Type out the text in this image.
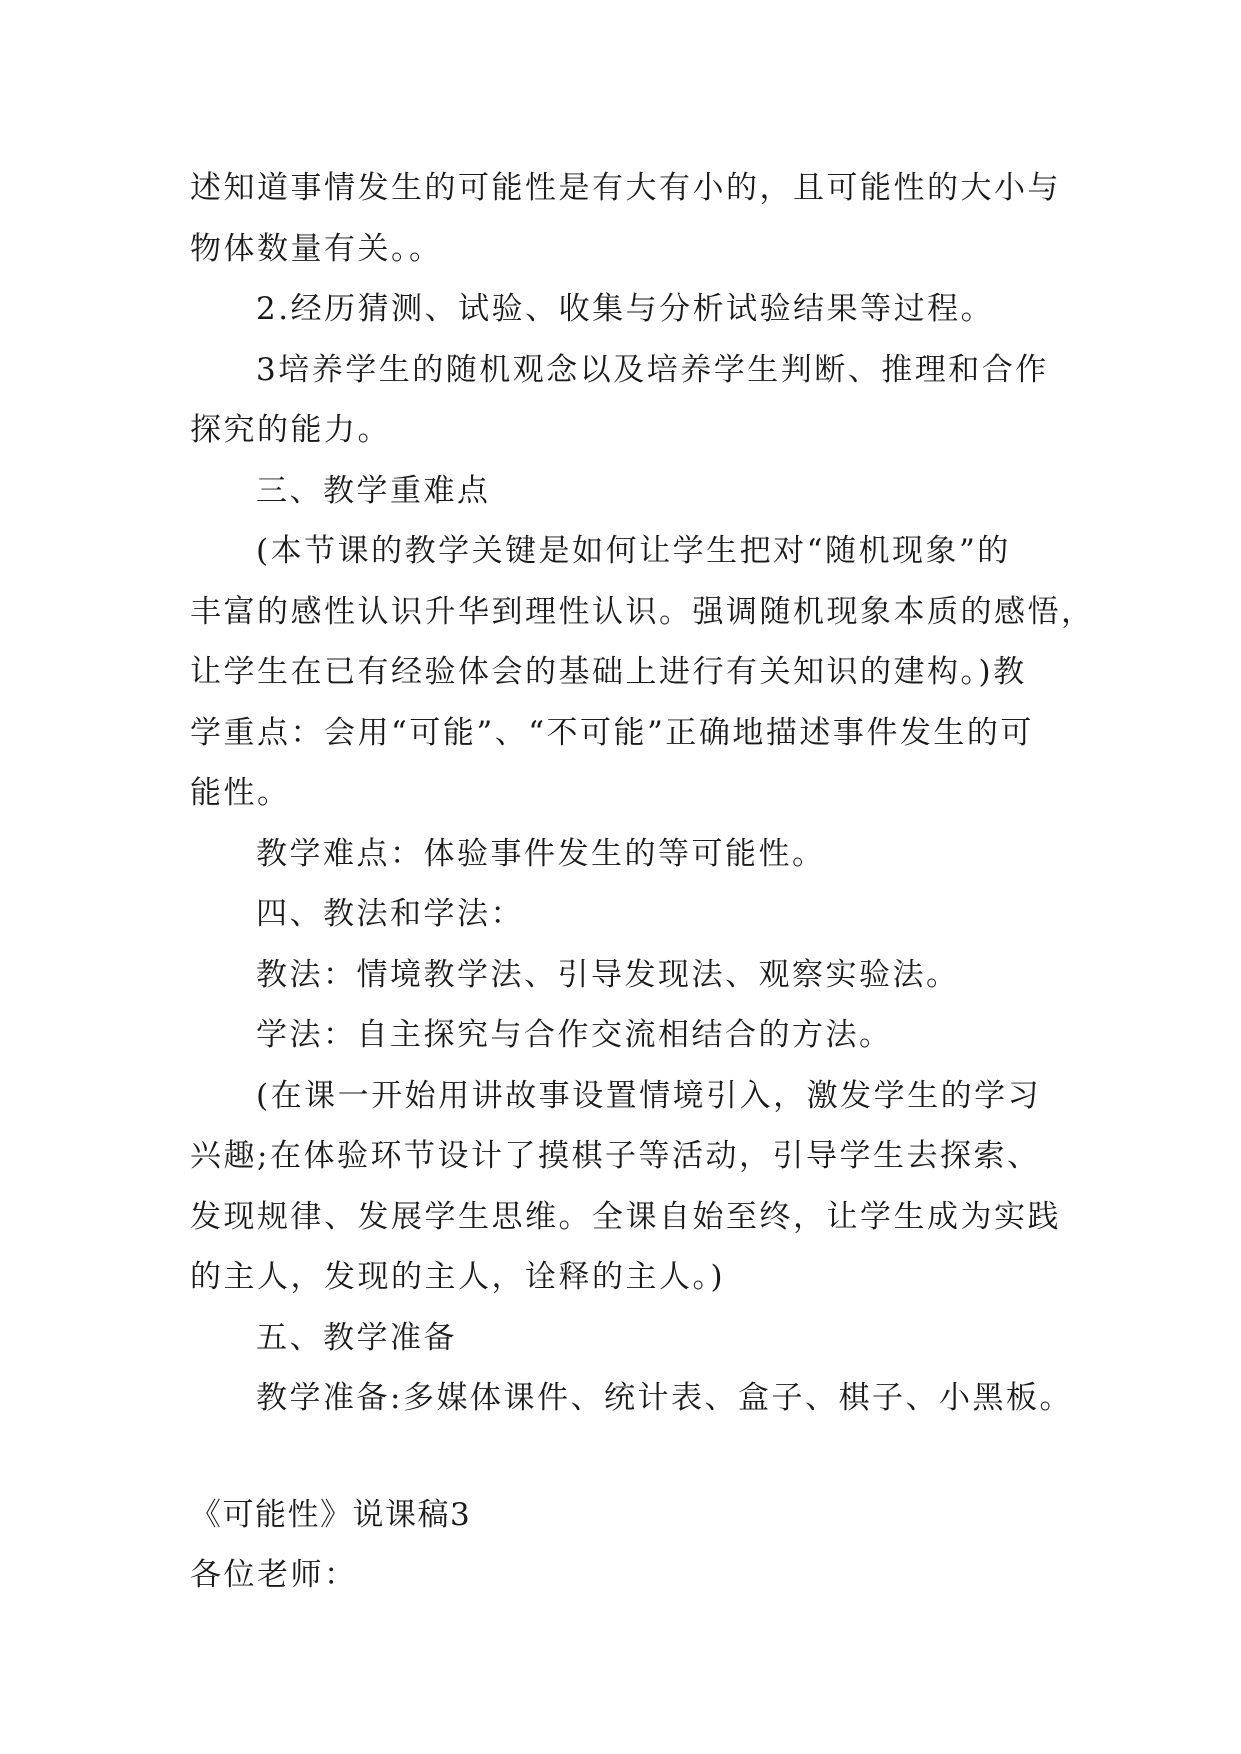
述知道事情发生的可能性是有大有小的，且可能性的大小与

物体数量有关。。

2.经历猜测、试验、收集与分析试验结果等过程。

3培养学生的随机观念以及培养学生判断、推理和合作

探究的能力。

三、教学重难点

(本节课的教学关键是如何让学生把对“随机现象”的

丰富的感性认识升华到理性认识。强调随机现象本质的感悟，

让学生在已有经验体会的基础上进行有关知识的建构。)教

学重点：会用“可能”、“不可能”正确地描述事件发生的可

能性。

教学难点：体验事件发生的等可能性。

四、教法和学法：

教法：情境教学法、引导发现法、观察实验法。

学法：自主探究与合作交流相结合的方法。

(在课一开始用讲故事设置情境引入，激发学生的学习

兴趣;在体验环节设计了摸棋子等活动，引导学生去探索、

发现规律、发展学生思维。全课自始至终，让学生成为实践

的主人，发现的主人，诠释的主人。)

五、教学准备

教学准备:多媒体课件、统计表、盒子、棋子、小黑板。

《可能性》说课稿3

各位老师：
